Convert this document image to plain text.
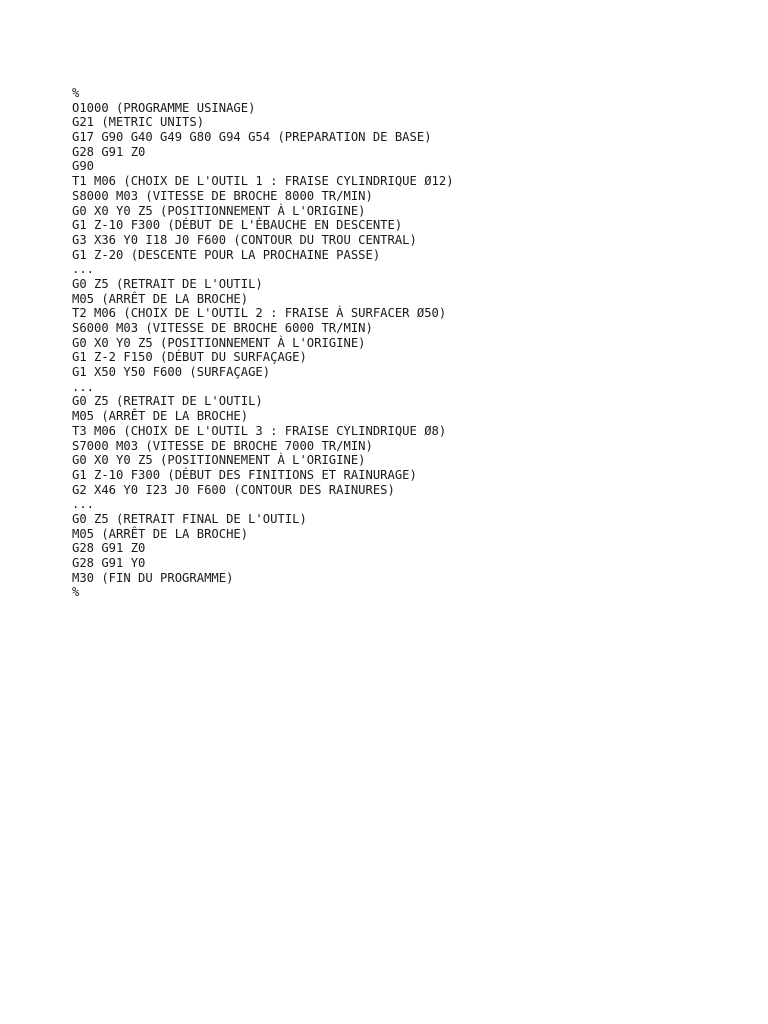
%
O1000 (PROGRAMME USINAGE)
G21 (METRIC UNITS)
G17 G90 G40 G49 G80 G94 G54 (PREPARATION DE BASE)
G28 G91 Z0
G90
T1 M06 (CHOIX DE L'OUTIL 1 : FRAISE CYLINDRIQUE Ø12)
S8000 M03 (VITESSE DE BROCHE 8000 TR/MIN)
G0 X0 Y0 Z5 (POSITIONNEMENT À L'ORIGINE)
G1 Z-10 F300 (DÉBUT DE L'ÉBAUCHE EN DESCENTE)
G3 X36 Y0 I18 J0 F600 (CONTOUR DU TROU CENTRAL)
G1 Z-20 (DESCENTE POUR LA PROCHAINE PASSE)
...
G0 Z5 (RETRAIT DE L'OUTIL)
M05 (ARRÊT DE LA BROCHE)
T2 M06 (CHOIX DE L'OUTIL 2 : FRAISE À SURFACER Ø50)
S6000 M03 (VITESSE DE BROCHE 6000 TR/MIN)
G0 X0 Y0 Z5 (POSITIONNEMENT À L'ORIGINE)
G1 Z-2 F150 (DÉBUT DU SURFAÇAGE)
G1 X50 Y50 F600 (SURFAÇAGE)
...
G0 Z5 (RETRAIT DE L'OUTIL)
M05 (ARRÊT DE LA BROCHE)
T3 M06 (CHOIX DE L'OUTIL 3 : FRAISE CYLINDRIQUE Ø8)
S7000 M03 (VITESSE DE BROCHE 7000 TR/MIN)
G0 X0 Y0 Z5 (POSITIONNEMENT À L'ORIGINE)
G1 Z-10 F300 (DÉBUT DES FINITIONS ET RAINURAGE)
G2 X46 Y0 I23 J0 F600 (CONTOUR DES RAINURES)
...
G0 Z5 (RETRAIT FINAL DE L'OUTIL)
M05 (ARRÊT DE LA BROCHE)
G28 G91 Z0
G28 G91 Y0
M30 (FIN DU PROGRAMME)
%
